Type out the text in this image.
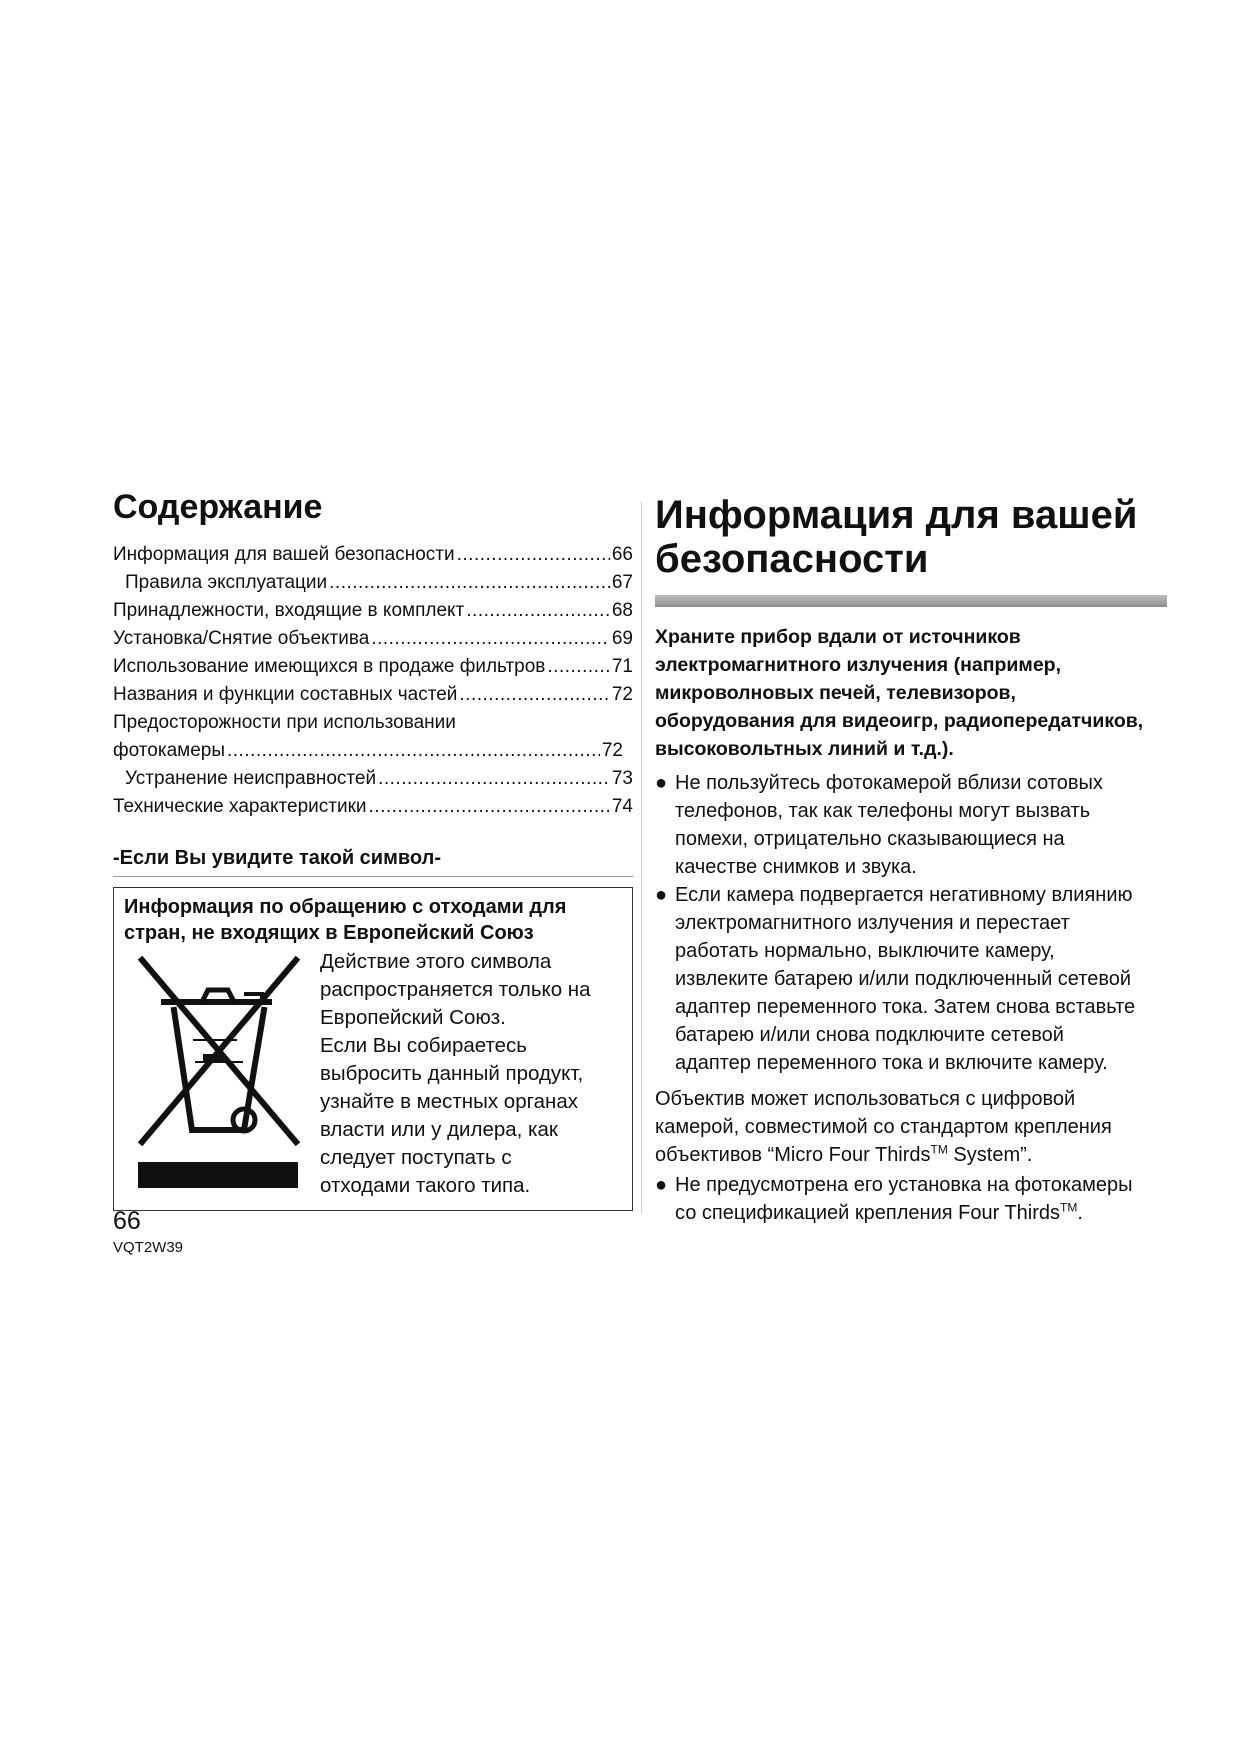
Содержание
Информация для вашей безопасности .....	66
Правила эксплуатации .....	67
Принадлежности, входящие в комплект .....	68
Установка/Снятие объектива .....	69
Использование имеющихся в продаже фильтров .....	71
Названия и функции составных частей .....	72
Предосторожности при использовании
фотокамеры .....	72
Устранение неисправностей .....	73
Технические характеристики .....	74
-Если Вы увидите такой символ-
Информация по обращению с отходами для стран, не входящих в Европейский Союз
Действие этого символа
распространяется только на
Европейский Союз.
Если Вы собираетесь
выбросить данный продукт,
узнайте в местных органах
власти или у дилера, как
следует поступать с
отходами такого типа.
66
VQT2W39
Информация для вашей
безопасности
Храните прибор вдали от источников
электромагнитного излучения (например,
микроволновых печей, телевизоров,
оборудования для видеоигр, радиопередатчиков,
высоковольтных линий и т.д.).
● Не пользуйтесь фотокамерой вблизи сотовых
телефонов, так как телефоны могут вызвать
помехи, отрицательно сказывающиеся на
качестве снимков и звука.
● Если камера подвергается негативному влиянию
электромагнитного излучения и перестает
работать нормально, выключите камеру,
извлеките батарею и/или подключенный сетевой
адаптер переменного тока. Затем снова вставьте
батарею и/или снова подключите сетевой
адаптер переменного тока и включите камеру.
Объектив может использоваться с цифровой
камерой, совместимой со стандартом крепления
объективов “Micro Four Thirds™ System”.
● Не предусмотрена его установка на фотокамеры
со спецификацией крепления Four Thirds™.
